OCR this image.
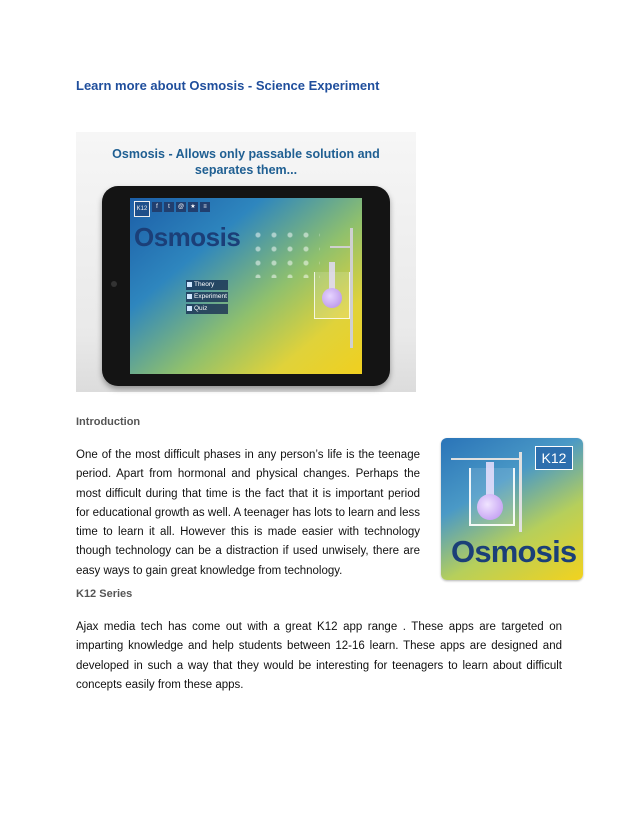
Learn more about Osmosis - Science Experiment
Osmosis - Allows only passable solution and
separates them...
K12	f	t	@	★	≡
Osmosis
Theory
Experiment
Quiz
Introduction
One of the most difficult phases in any person’s life is the teenage period. Apart from hormonal and physical changes. Perhaps the most difficult during that time is the fact that it is important period for educational growth as well. A teenager has lots to learn and less time to learn it all. However this is made easier with technology though technology can be a distraction if used unwisely, there are easy ways to gain great knowledge from technology.
K12
Osmosis
K12 Series
Ajax media tech has come out with a great K12 app range . These apps are targeted on imparting knowledge and help students between 12-16 learn. These apps are designed and developed in such a way that they would be interesting for teenagers to learn about difficult concepts easily from these apps.
